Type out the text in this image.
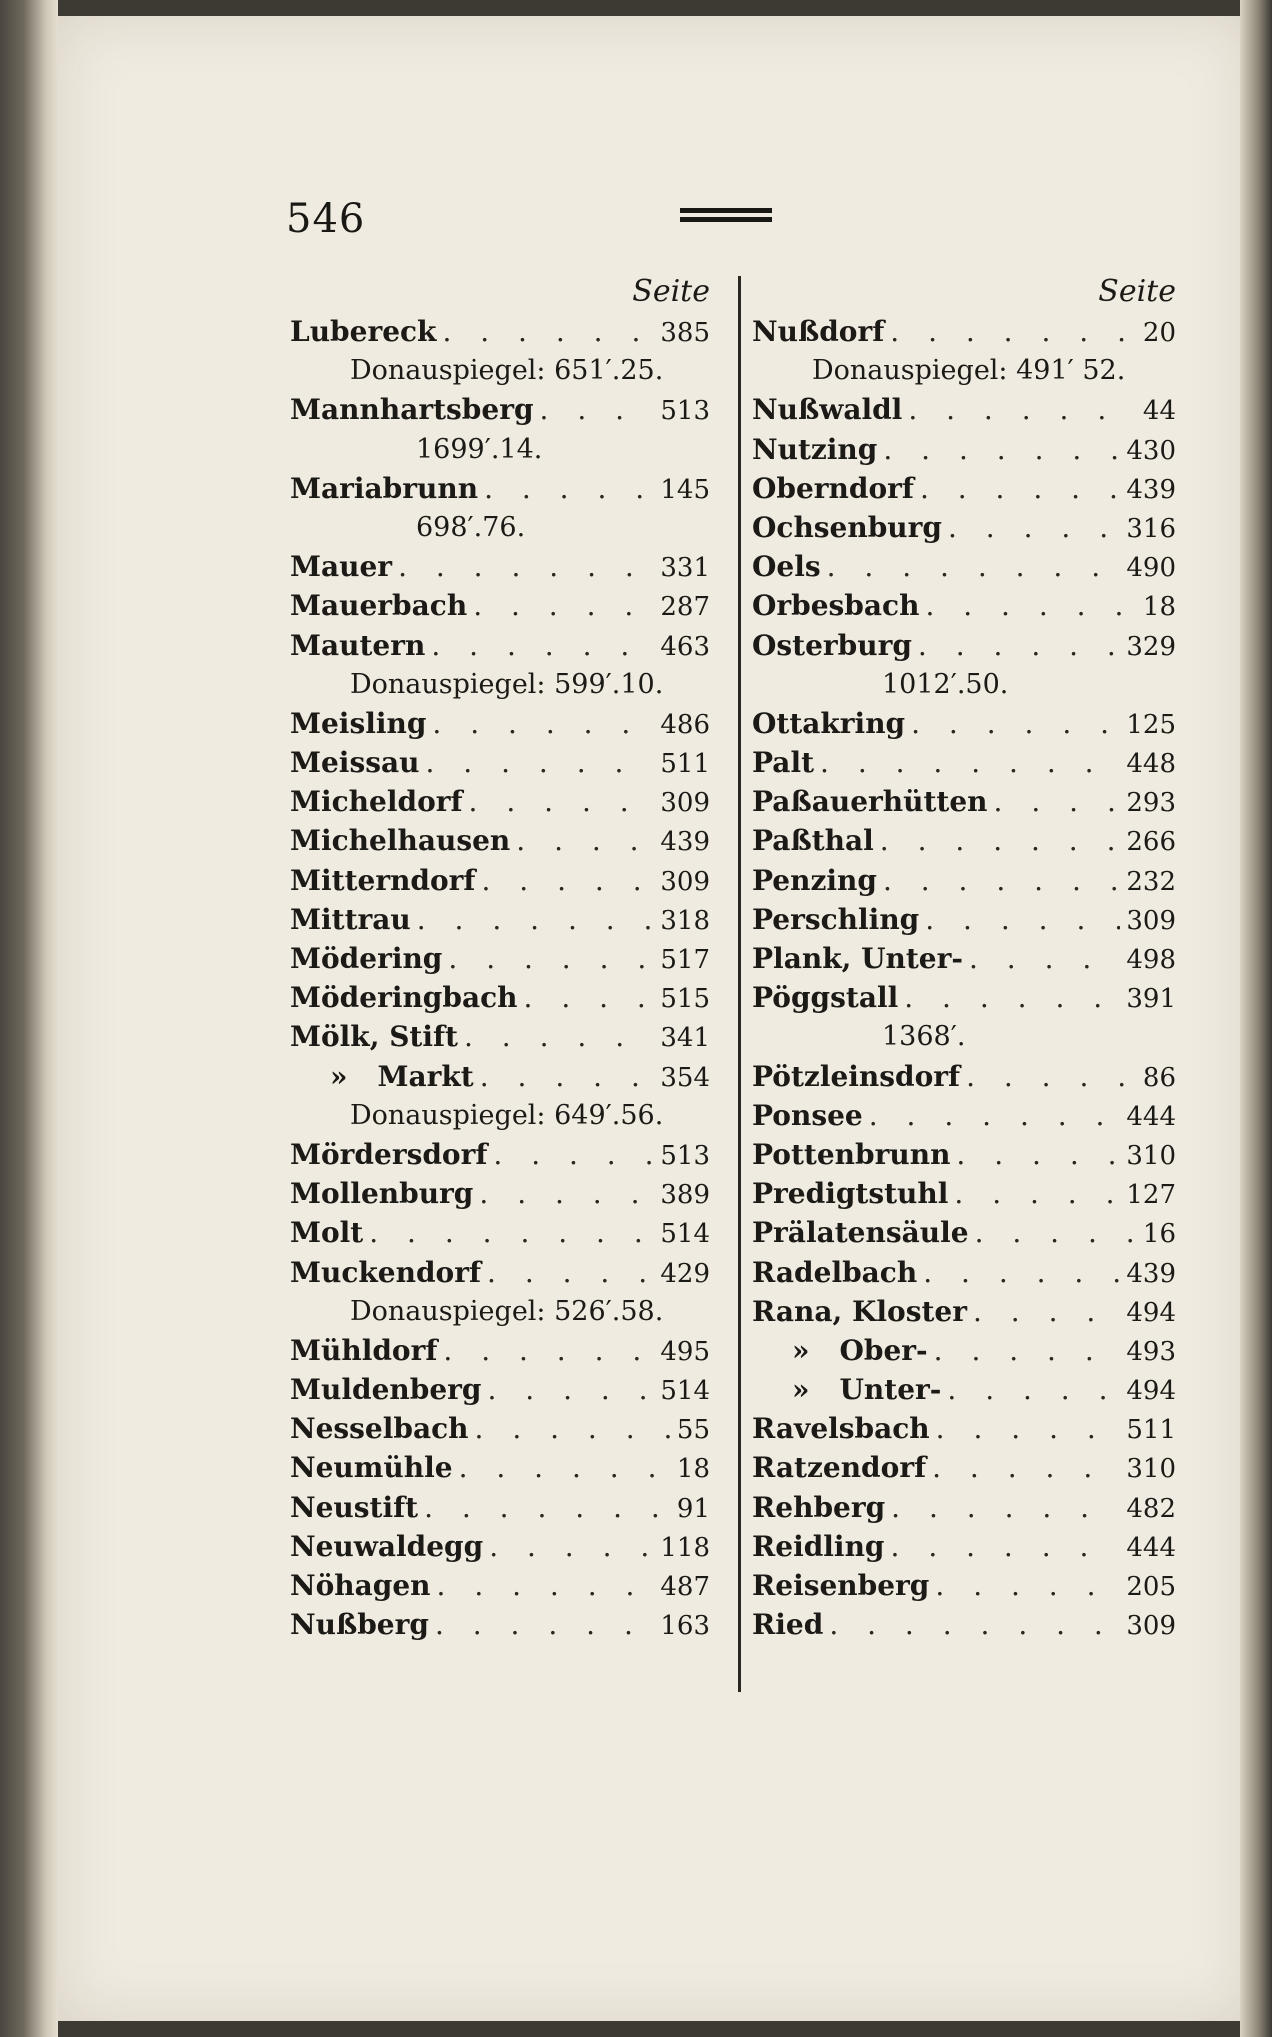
546
Seite
Lubereck . . .	385
Donauspiegel: 651′.25.
Mannhartsberg . . .	513
1699′.14.
Mariabrunn . . .	145
698′.76.
Mauer . . .	331
Mauerbach . . .	287
Mautern . . .	463
Donauspiegel: 599′.10.
Meisling . . .	486
Meissau . . .	511
Micheldorf . . .	309
Michelhausen . . .	439
Mitterndorf . . .	309
Mittrau . . .	318
Mödering . . .	517
Möderingbach . . .	515
Mölk, Stift . . .	341
»	Markt . . .	354
Donauspiegel: 649′.56.
Mördersdorf . . .	513
Mollenburg . . .	389
Molt . . .	514
Muckendorf . . .	429
Donauspiegel: 526′.58.
Mühldorf . . .	495
Muldenberg . . .	514
Nesselbach . . .	55
Neumühle . . .	18
Neustift . . .	91
Neuwaldegg . . .	118
Nöhagen . . .	487
Nußberg . . .	163
Seite
Nußdorf . . .	20
Donauspiegel: 491′ 52.
Nußwaldl . . .	44
Nutzing . . .	430
Oberndorf . . .	439
Ochsenburg . . .	316
Oels . . .	490
Orbesbach . . .	18
Osterburg . . .	329
1012′.50.
Ottakring . . .	125
Palt . . .	448
Paßauerhütten . . .	293
Paßthal . . .	266
Penzing . . .	232
Perschling . . .	309
Plank, Unter- . . .	498
Pöggstall . . .	391
1368′.
Pötzleinsdorf . . .	86
Ponsee . . .	444
Pottenbrunn . . .	310
Predigtstuhl . . .	127
Prälatensäule . . .	16
Radelbach . . .	439
Rana, Kloster . . .	494
»	Ober- . . .	493
»	Unter- . . .	494
Ravelsbach . . .	511
Ratzendorf . . .	310
Rehberg . . .	482
Reidling . . .	444
Reisenberg . . .	205
Ried . . .	309
